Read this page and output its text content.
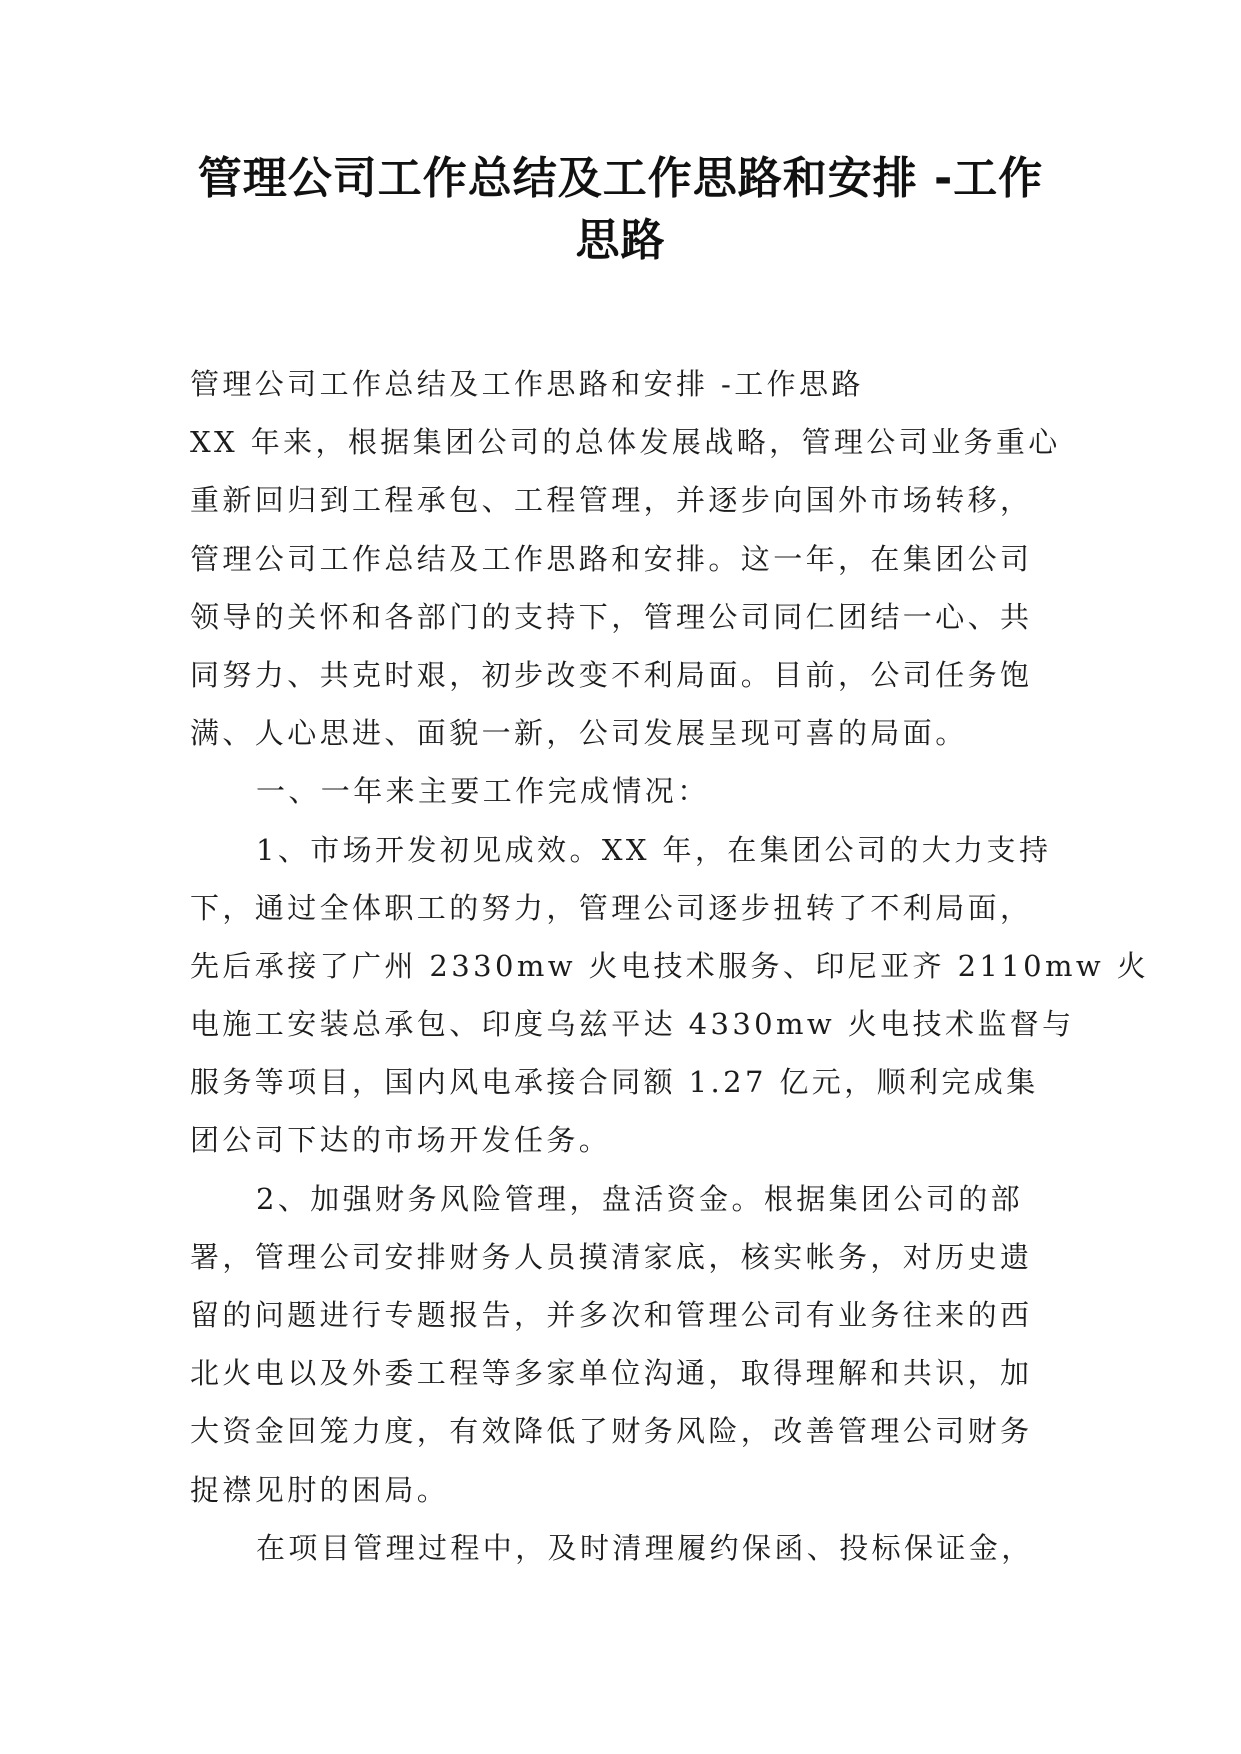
管理公司工作总结及工作思路和安排 -工作
思路
管理公司工作总结及工作思路和安排 -工作思路
XX 年来，根据集团公司的总体发展战略，管理公司业务重心
重新回归到工程承包、工程管理，并逐步向国外市场转移，
管理公司工作总结及工作思路和安排。这一年，在集团公司
领导的关怀和各部门的支持下，管理公司同仁团结一心、共
同努力、共克时艰，初步改变不利局面。目前，公司任务饱
满、人心思进、面貌一新，公司发展呈现可喜的局面。
一、一年来主要工作完成情况：
1、市场开发初见成效。XX 年，在集团公司的大力支持
下，通过全体职工的努力，管理公司逐步扭转了不利局面，
先后承接了广州 2330mw 火电技术服务、印尼亚齐 2110mw 火
电施工安装总承包、印度乌兹平达 4330mw 火电技术监督与
服务等项目，国内风电承接合同额 1.27 亿元，顺利完成集
团公司下达的市场开发任务。
2、加强财务风险管理，盘活资金。根据集团公司的部
署，管理公司安排财务人员摸清家底，核实帐务，对历史遗
留的问题进行专题报告，并多次和管理公司有业务往来的西
北火电以及外委工程等多家单位沟通，取得理解和共识，加
大资金回笼力度，有效降低了财务风险，改善管理公司财务
捉襟见肘的困局。
在项目管理过程中，及时清理履约保函、投标保证金，
